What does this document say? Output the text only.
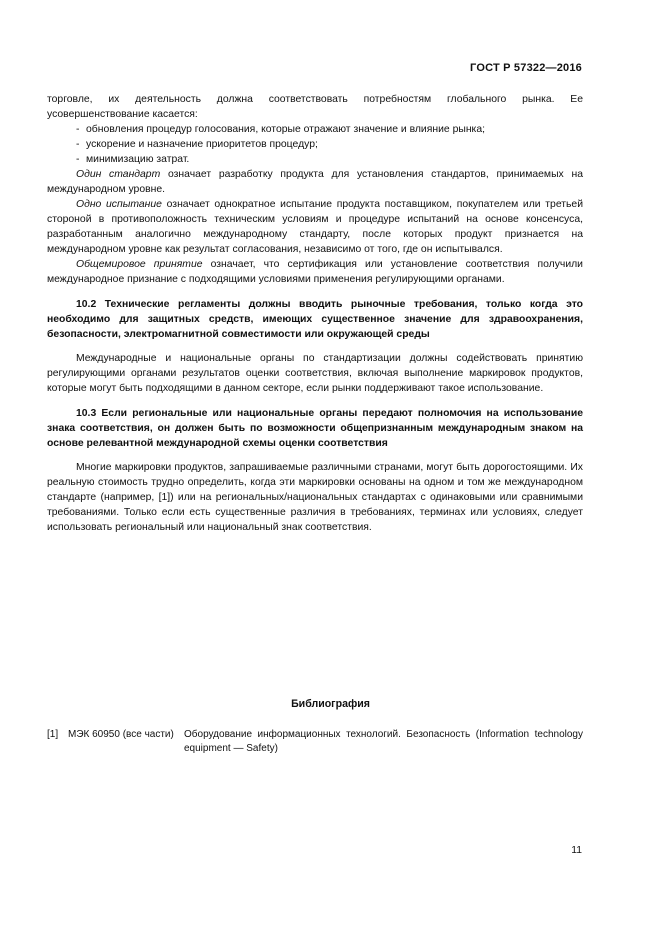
ГОСТ Р 57322—2016

торговле, их деятельность должна соответствовать потребностям глобального рынка. Ее усовершенствование касается:

- обновления процедур голосования, которые отражают значение и влияние рынка;

- ускорение и назначение приоритетов процедур;

- минимизацию затрат.

Один стандарт означает разработку продукта для установления стандартов, принимаемых на международном уровне.

Одно испытание означает однократное испытание продукта поставщиком, покупателем или третьей стороной в противоположность техническим условиям и процедуре испытаний на основе консенсуса, разработанным аналогично международному стандарту, после которых продукт признается на международном уровне как результат согласования, независимо от того, где он испытывался.

Общемировое принятие означает, что сертификация или установление соответствия получили международное признание с подходящими условиями применения регулирующими органами.

10.2 Технические регламенты должны вводить рыночные требования, только когда это необходимо для защитных средств, имеющих существенное значение для здравоохранения, безопасности, электромагнитной совместимости или окружающей среды

Международные и национальные органы по стандартизации должны содействовать принятию регулирующими органами результатов оценки соответствия, включая выполнение маркировок продуктов, которые могут быть подходящими в данном секторе, если рынки поддерживают такое использование.

10.3 Если региональные или национальные органы передают полномочия на использование знака соответствия, он должен быть по возможности общепризнанным международным знаком на основе релевантной международной схемы оценки соответствия

Многие маркировки продуктов, запрашиваемые различными странами, могут быть дорогостоящими. Их реальную стоимость трудно определить, когда эти маркировки основаны на одном и том же международном стандарте (например, [1]) или на региональных/национальных стандартах с одинаковыми или сравнимыми требованиями. Только если есть существенные различия в требованиях, терминах или условиях, следует использовать региональный или национальный знак соответствия.

Библиография
[1] МЭК 60950 (все части) Оборудование информационных технологий. Безопасность (Information technology equipment — Safety)
11
